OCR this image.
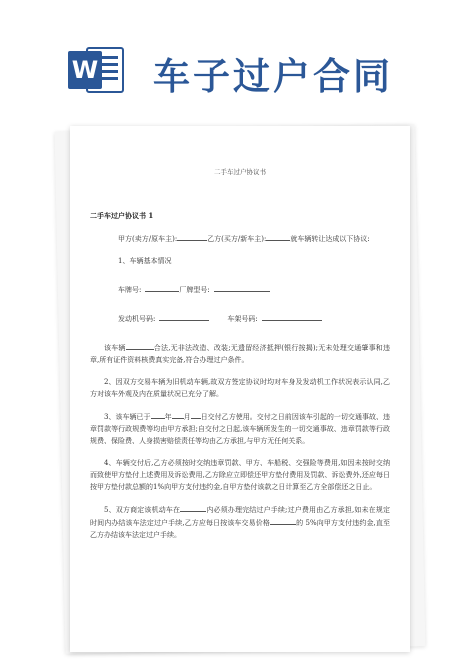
W 车子过户合同
二手车过户协议书
二手车过户协议书 1
甲方(卖方/原车主):	乙方(买方/新车主):	就车辆转让达成以下协议:
1、车辆基本情况
车牌号:	厂牌型号:
发动机号码:	车架号码:
该车辆	合法,无非法改造、改装;无遗留经济抵押(银行按揭);无未处理交通肇事和违章,所有证件资料核费真实完备,符合办理过户条件。
2、因双方交易车辆为旧机动车辆,故双方签定协议时均对车身及发动机工作状况表示认同,乙方对该车外观及内在质量状况已充分了解。
3、该车辆已于 年 月 日交付乙方使用。交付之日前因该车引起的一切交通事故、违章罚款等行政规费等均由甲方承担;自交付之日起,该车辆所发生的一切交通事故、违章罚款等行政规费、保险费、人身损害赔偿责任等均由乙方承担,与甲方无任何关系。
4、车辆交付后,乙方必须按时交纳违章罚款、甲方、车船税、交强险等费用,如因未按时交纳而致使甲方垫付上述费用及诉讼费用,乙方除应立即偿还甲方垫付费用及罚款、诉讼费外,还应每日按甲方垫付款总额的1%向甲方支付违约金,自甲方垫付该款之日计算至乙方全部偿还之日止。
5、双方商定该机动车在	内必须办理完结过户手续;过户费用由乙方承担,如未在规定时间内办结该车法定过户手续,乙方应每日按该车交易价格	的 5%向甲方支付违约金,直至乙方办结该车法定过户手续。
